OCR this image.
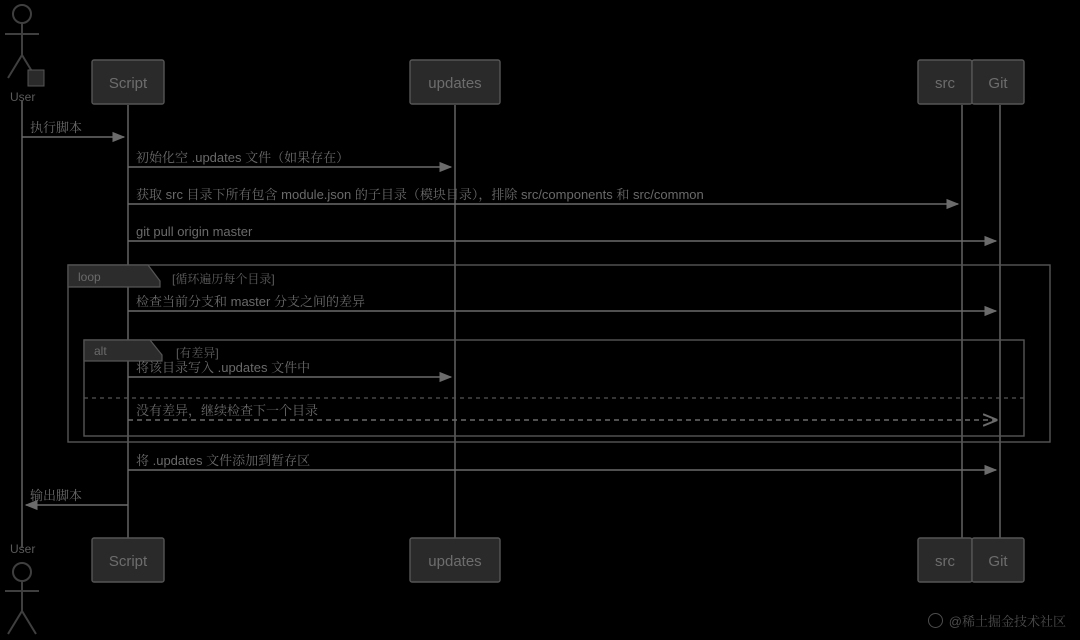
User
User
Script	updates	src Git
Script	updates	src Git
loop	[循环遍历每个目录]
alt	[有差异]
执行脚本
初始化空 .updates 文件（如果存在）
获取 src 目录下所有包含 module.json 的子目录（模块目录），排除 src/components 和 src/common
git pull origin master
检查当前分支和 master 分支之间的差异
将该目录写入 .updates 文件中
没有差异，继续检查下一个目录
将 .updates 文件添加到暂存区
输出脚本
@稀土掘金技术社区
